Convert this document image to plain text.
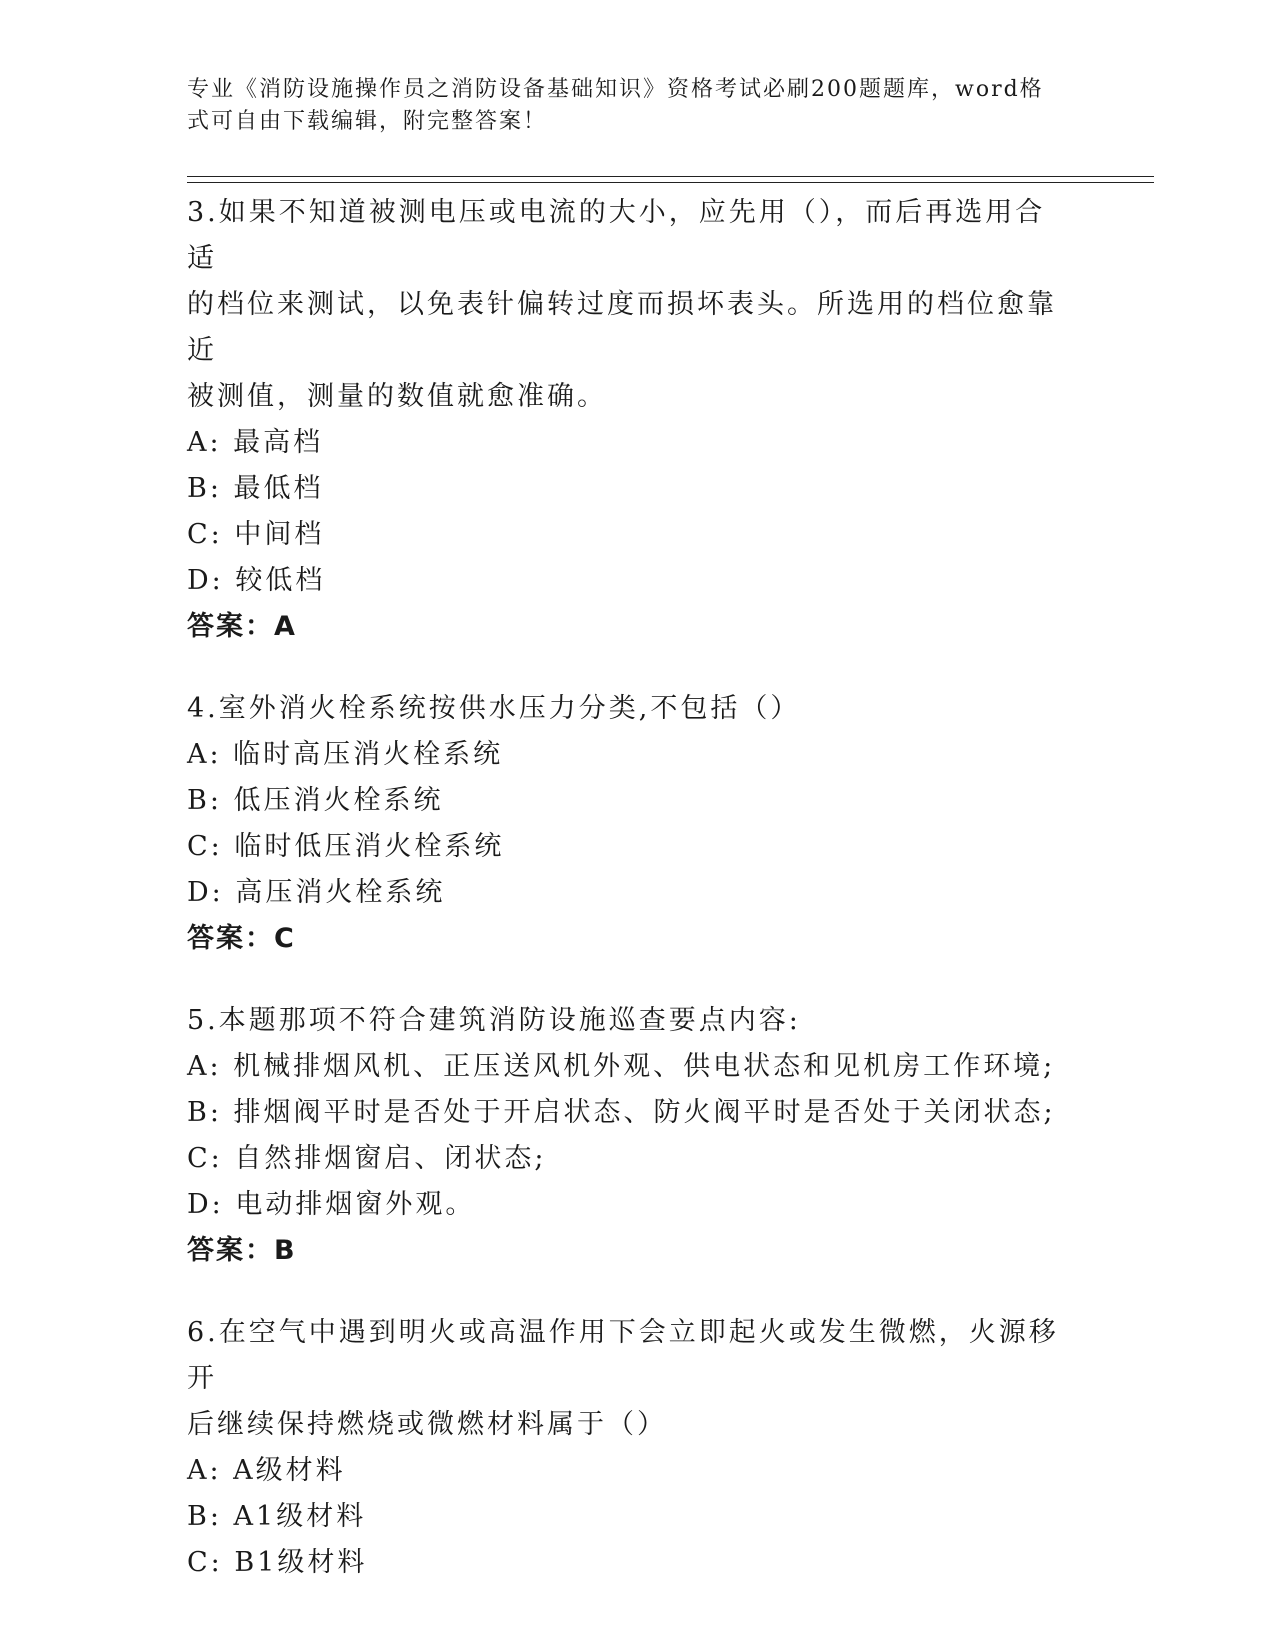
专业《消防设施操作员之消防设备基础知识》资格考试必刷200题题库，word格
式可自由下载编辑，附完整答案！
3.如果不知道被测电压或电流的大小，应先用（），而后再选用合适
的档位来测试，以免表针偏转过度而损坏表头。所选用的档位愈靠近
被测值，测量的数值就愈准确。
A: 最高档
B: 最低档
C: 中间档
D: 较低档
答案：A
4.室外消火栓系统按供水压力分类,不包括（）
A: 临时高压消火栓系统
B: 低压消火栓系统
C: 临时低压消火栓系统
D: 高压消火栓系统
答案：C
5.本题那项不符合建筑消防设施巡查要点内容:
A: 机械排烟风机、正压送风机外观、供电状态和见机房工作环境;
B: 排烟阀平时是否处于开启状态、防火阀平时是否处于关闭状态;
C: 自然排烟窗启、闭状态;
D: 电动排烟窗外观。
答案：B
6.在空气中遇到明火或高温作用下会立即起火或发生微燃，火源移开
后继续保持燃烧或微燃材料属于（）
A: A级材料
B: A1级材料
C: B1级材料
